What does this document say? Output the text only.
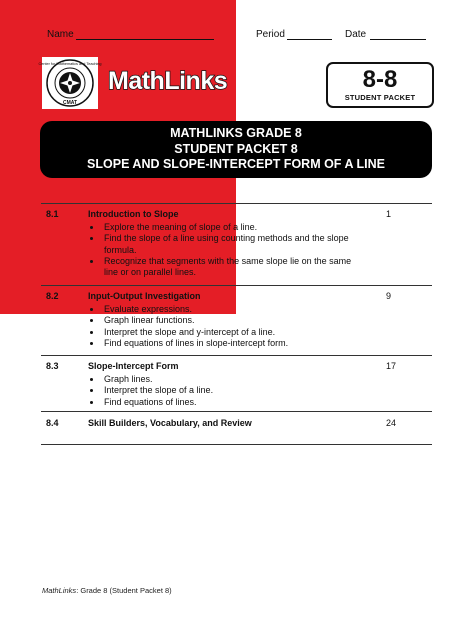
Name	Period	Date
Center for Mathematics and Teaching
CMAT
MathLinks	8-8
STUDENT PACKET
MATHLINKS GRADE 8
STUDENT PACKET 8
SLOPE AND SLOPE-INTERCEPT FORM OF A LINE
8.1	Introduction to Slope	1
• Explore the meaning of slope of a line.
• Find the slope of a line using counting methods and the slope formula.
• Recognize that segments with the same slope lie on the same line or on parallel lines.
8.2	Input-Output Investigation	9
• Evaluate expressions.
• Graph linear functions.
• Interpret the slope and y-intercept of a line.
• Find equations of lines in slope-intercept form.
8.3	Slope-Intercept Form	17
• Graph lines.
• Interpret the slope of a line.
• Find equations of lines.
8.4	Skill Builders, Vocabulary, and Review	24
MathLinks: Grade 8 (Student Packet 8)
